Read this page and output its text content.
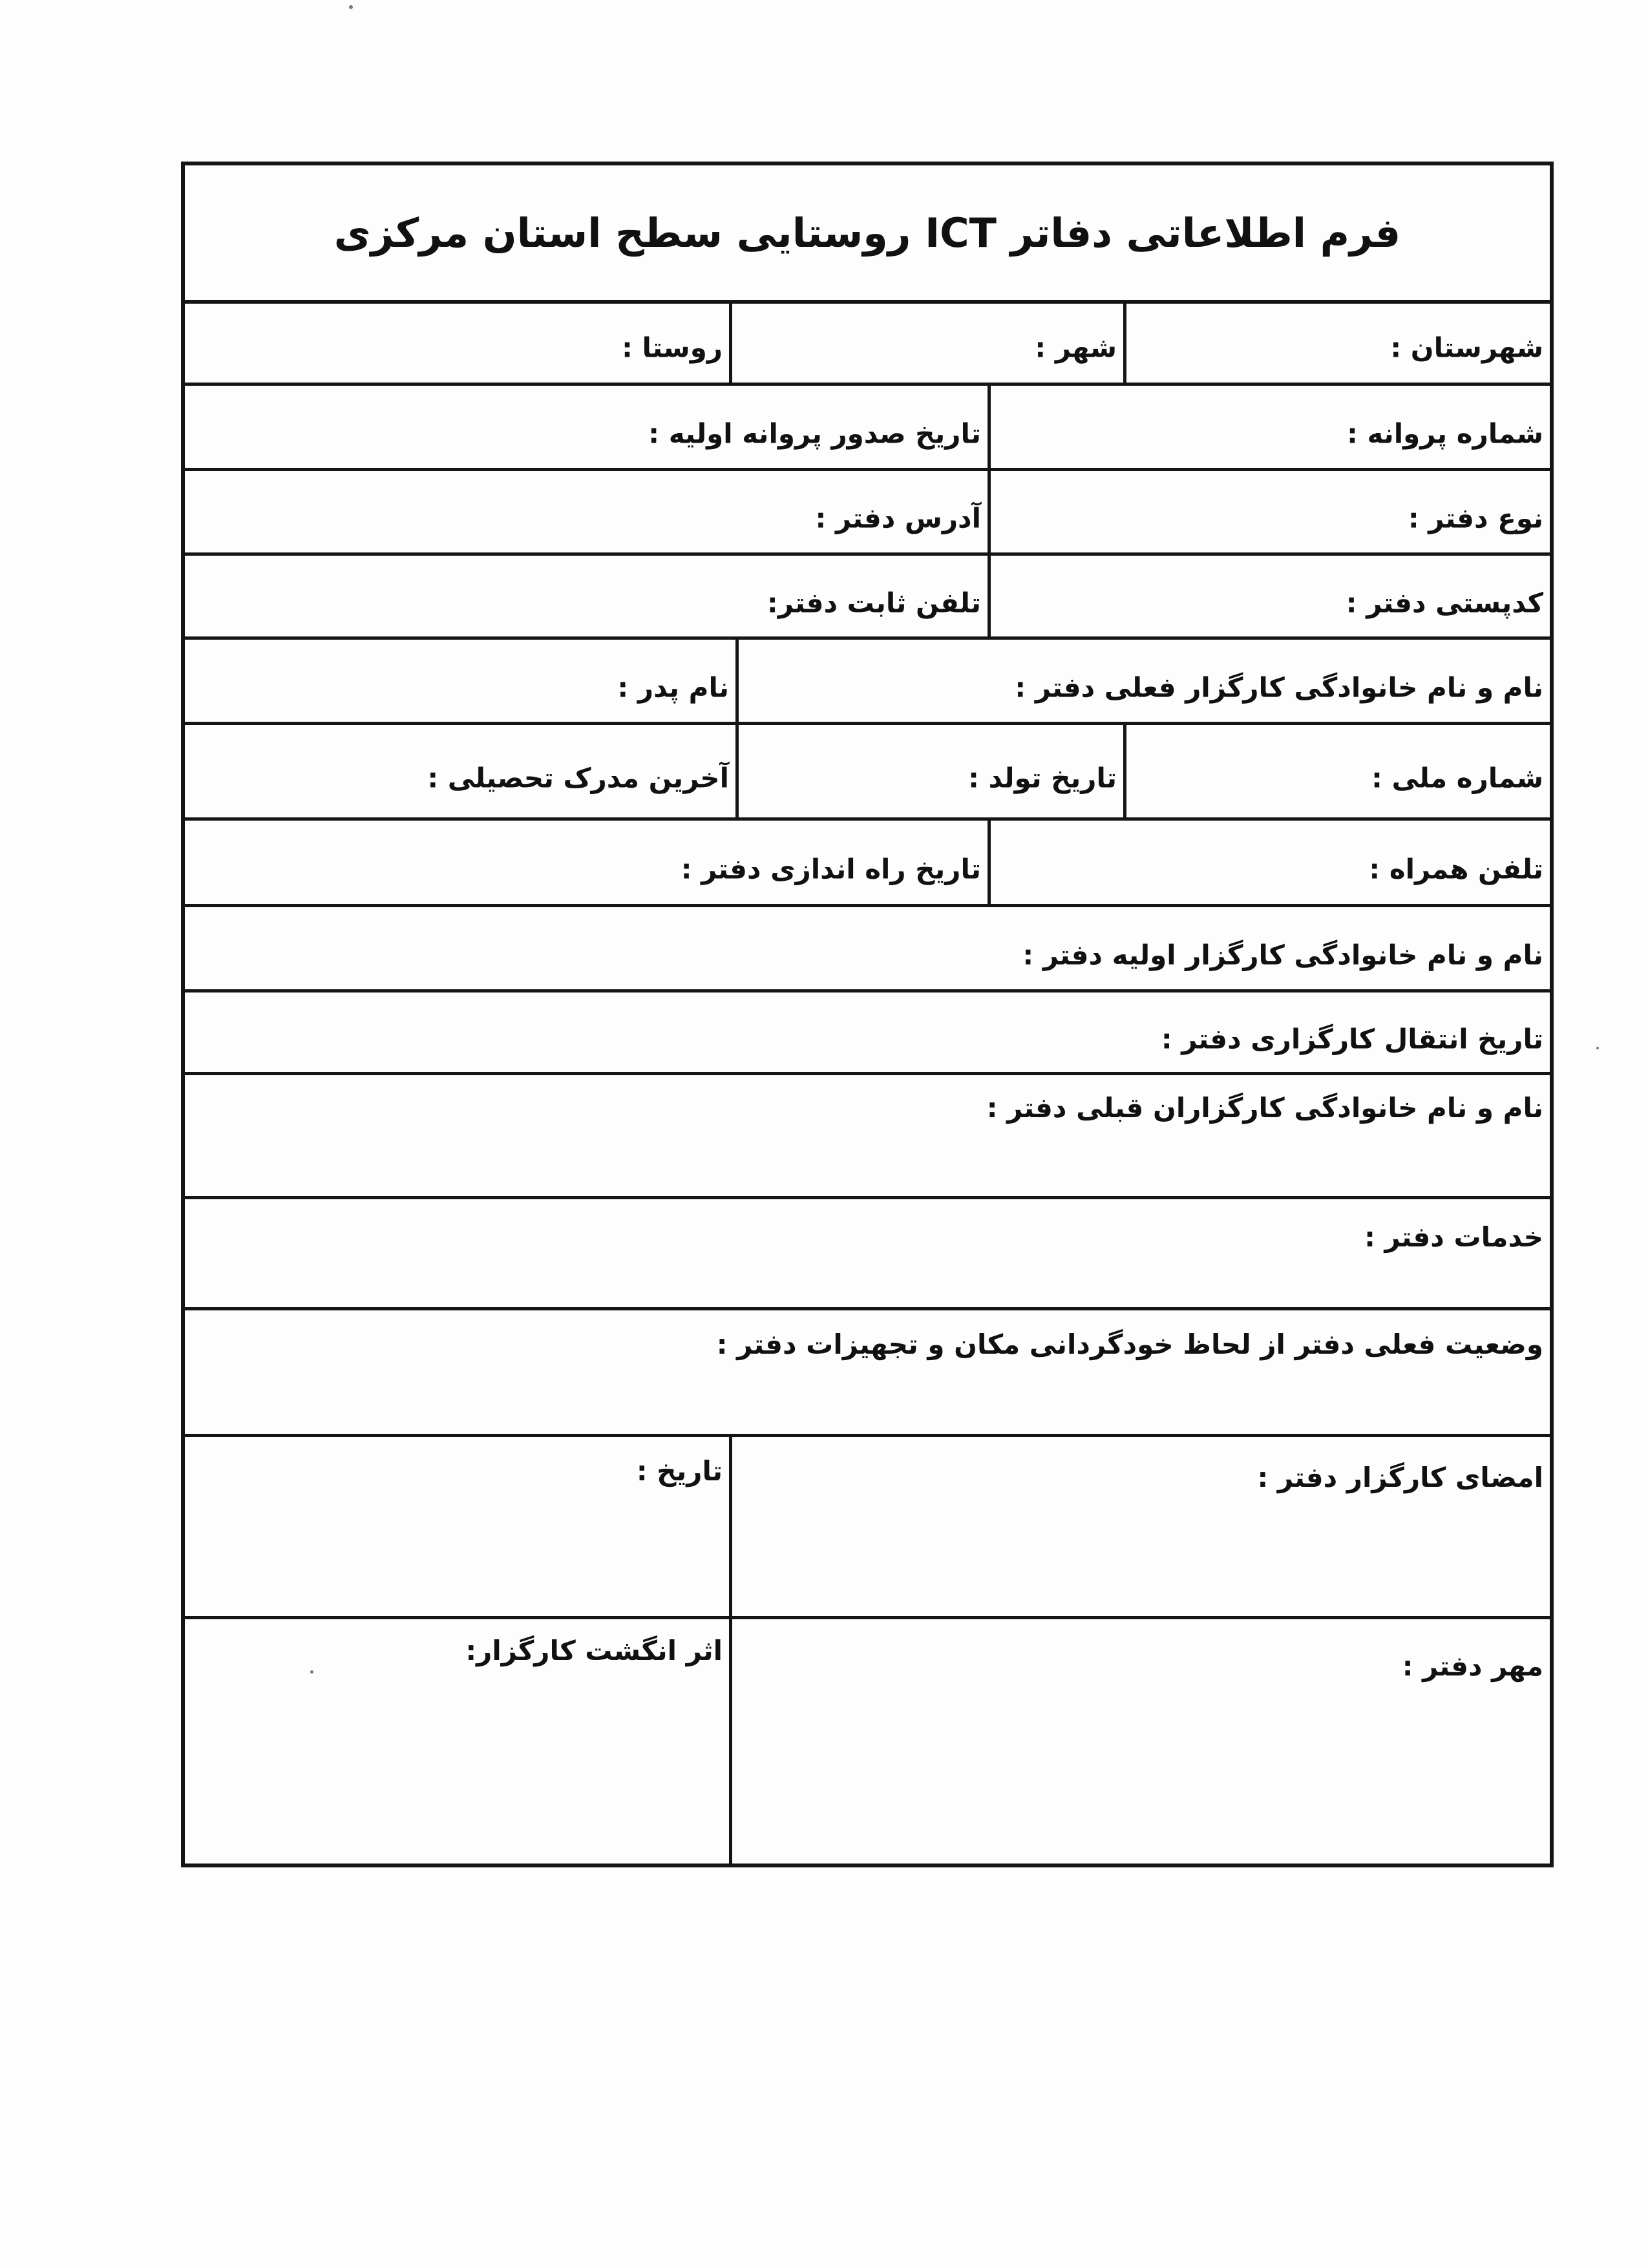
فرم اطلاعاتی دفاتر ICT روستایی سطح استان مرکزی
شهرستان :
شهر :
روستا :
شماره پروانه :
تاریخ صدور پروانه اولیه :
نوع دفتر :
آدرس دفتر :
کدپستی دفتر :
تلفن ثابت دفتر:
نام و نام خانوادگی کارگزار فعلی دفتر :
نام پدر :
شماره ملی :
تاریخ تولد :
آخرین مدرک تحصیلی :
تلفن همراه :
تاریخ راه اندازی دفتر :
نام و نام خانوادگی کارگزار اولیه دفتر :
تاریخ انتقال کارگزاری دفتر :
نام و نام خانوادگی کارگزاران قبلی دفتر :
خدمات دفتر :
وضعیت فعلی دفتر از لحاظ خودگردانی مکان و تجهیزات دفتر :
امضای کارگزار دفتر :
تاریخ :
مهر دفتر :
اثر انگشت کارگزار:
